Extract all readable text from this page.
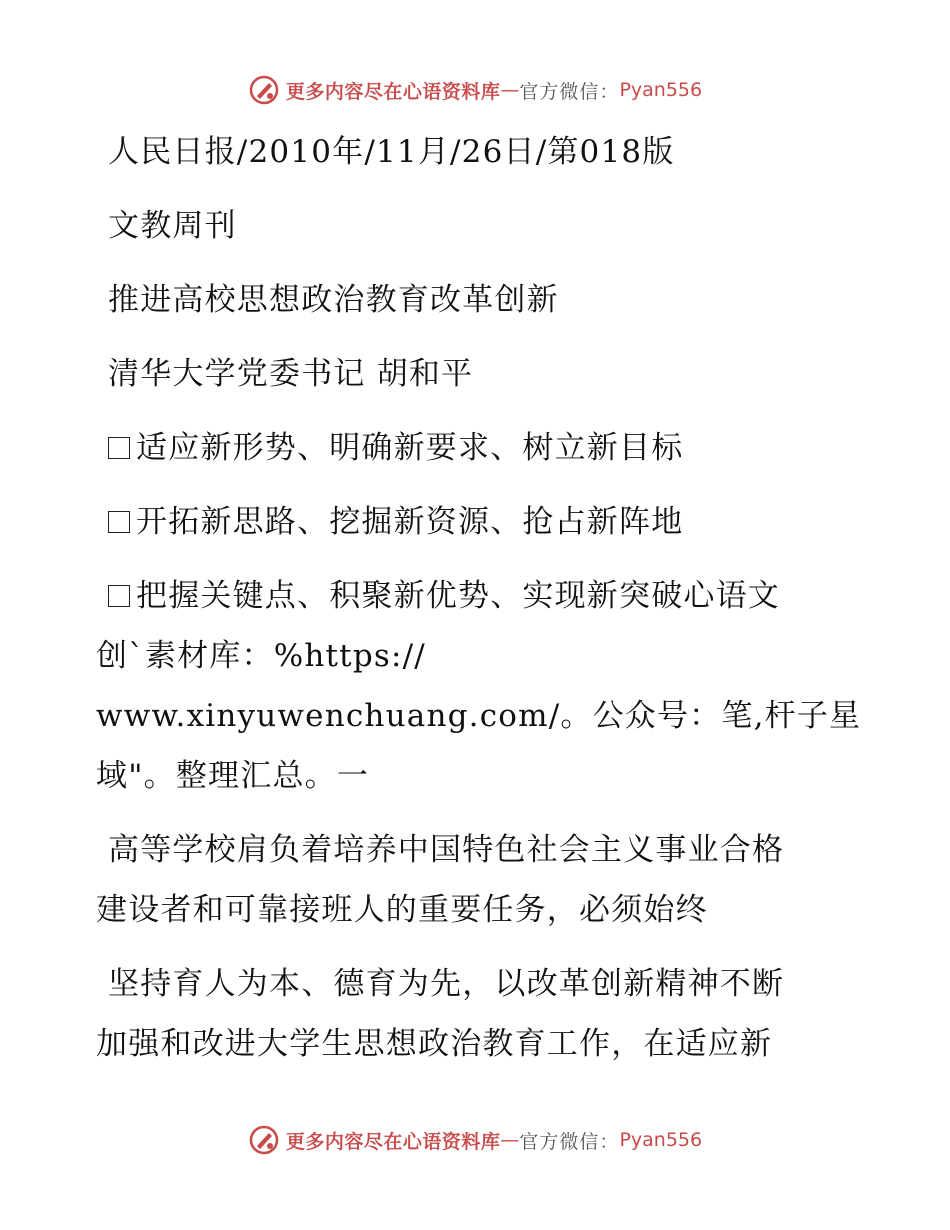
更多内容尽在心语资料库 — 官方微信： Pyan556

人民日报/2010年/11月/26日/第018版

文教周刊

推进高校思想政治教育改革创新

清华大学党委书记 胡和平

适应新形势、明确新要求、树立新目标

开拓新思路、挖掘新资源、抢占新阵地

把握关键点、积聚新优势、实现新突破心语文

创`素材库：%https://

www.xinyuwenchuang.com/。公众号：笔,杆子星

域"。整理汇总。一

高等学校肩负着培养中国特色社会主义事业合格

建设者和可靠接班人的重要任务，必须始终

坚持育人为本、德育为先，以改革创新精神不断

加强和改进大学生思想政治教育工作，在适应新

更多内容尽在心语资料库 — 官方微信： Pyan556
